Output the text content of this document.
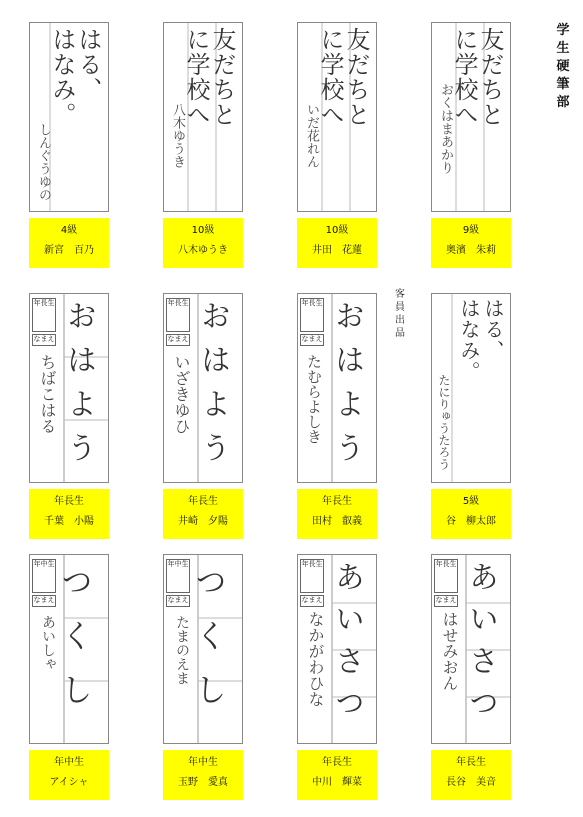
学
生
硬
筆
部
客
員
出
品
はる、
はなみ。
しんぐうゆの
4級
新宮　百乃
友だちと
に学校へ
八木ゆうき
10級
八木ゆうき
友だちと
に学校へ
いだ花れん
10級
井田　花蓮
友だちと
に学校へ
おくはまあかり
9級
奥濱　朱莉
年長生
なまえ おはよう
ちばこはる
年長生
千葉　小陽
年長生
なまえ おはよう
いざきゆひ
年長生
井崎　夕陽
年長生
なまえ おはよう
たむらよしき
年長生
田村　叡義
はる、
はなみ。
たにりゅうたろう
5級
谷　柳太郎
年中生
なまえ つくし
あいしゃ
年中生
アイシャ
年中生
なまえ つくし
たまのえま
年中生
玉野　愛真
年長生
なまえ あいさつ
なかがわひな
年長生
中川　輝菜
年長生
なまえ あいさつ
はせみおん
年長生
長谷　美音
